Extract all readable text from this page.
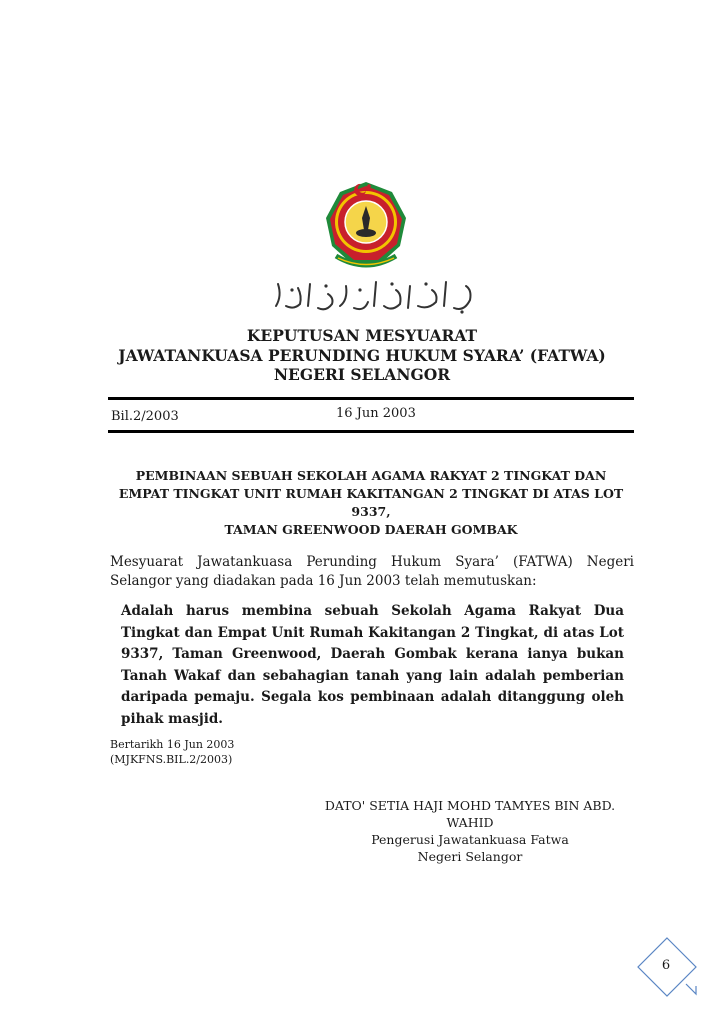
KEPUTUSAN MESYUARAT
JAWATANKUASA PERUNDING HUKUM SYARA’ (FATWA)
NEGERI SELANGOR
Bil.2/2003	16 Jun 2003
PEMBINAAN SEBUAH SEKOLAH AGAMA RAKYAT 2 TINGKAT DAN
EMPAT TINGKAT UNIT RUMAH KAKITANGAN 2 TINGKAT DI ATAS LOT 9337,
TAMAN GREENWOOD DAERAH GOMBAK
Mesyuarat Jawatankuasa Perunding Hukum Syara’ (FATWA) Negeri Selangor yang diadakan pada 16 Jun 2003 telah memutuskan:
Adalah harus membina sebuah Sekolah Agama Rakyat Dua Tingkat dan Empat Unit Rumah Kakitangan 2 Tingkat, di atas Lot 9337, Taman Greenwood, Daerah Gombak kerana ianya bukan Tanah Wakaf dan sebahagian tanah yang lain adalah pemberian daripada pemaju. Segala kos pembinaan adalah ditanggung oleh pihak masjid.
Bertarikh 16 Jun 2003
(MJKFNS.BIL.2/2003)
DATO' SETIA HAJI MOHD TAMYES BIN ABD. WAHID
Pengerusi Jawatankuasa Fatwa
Negeri Selangor
6
